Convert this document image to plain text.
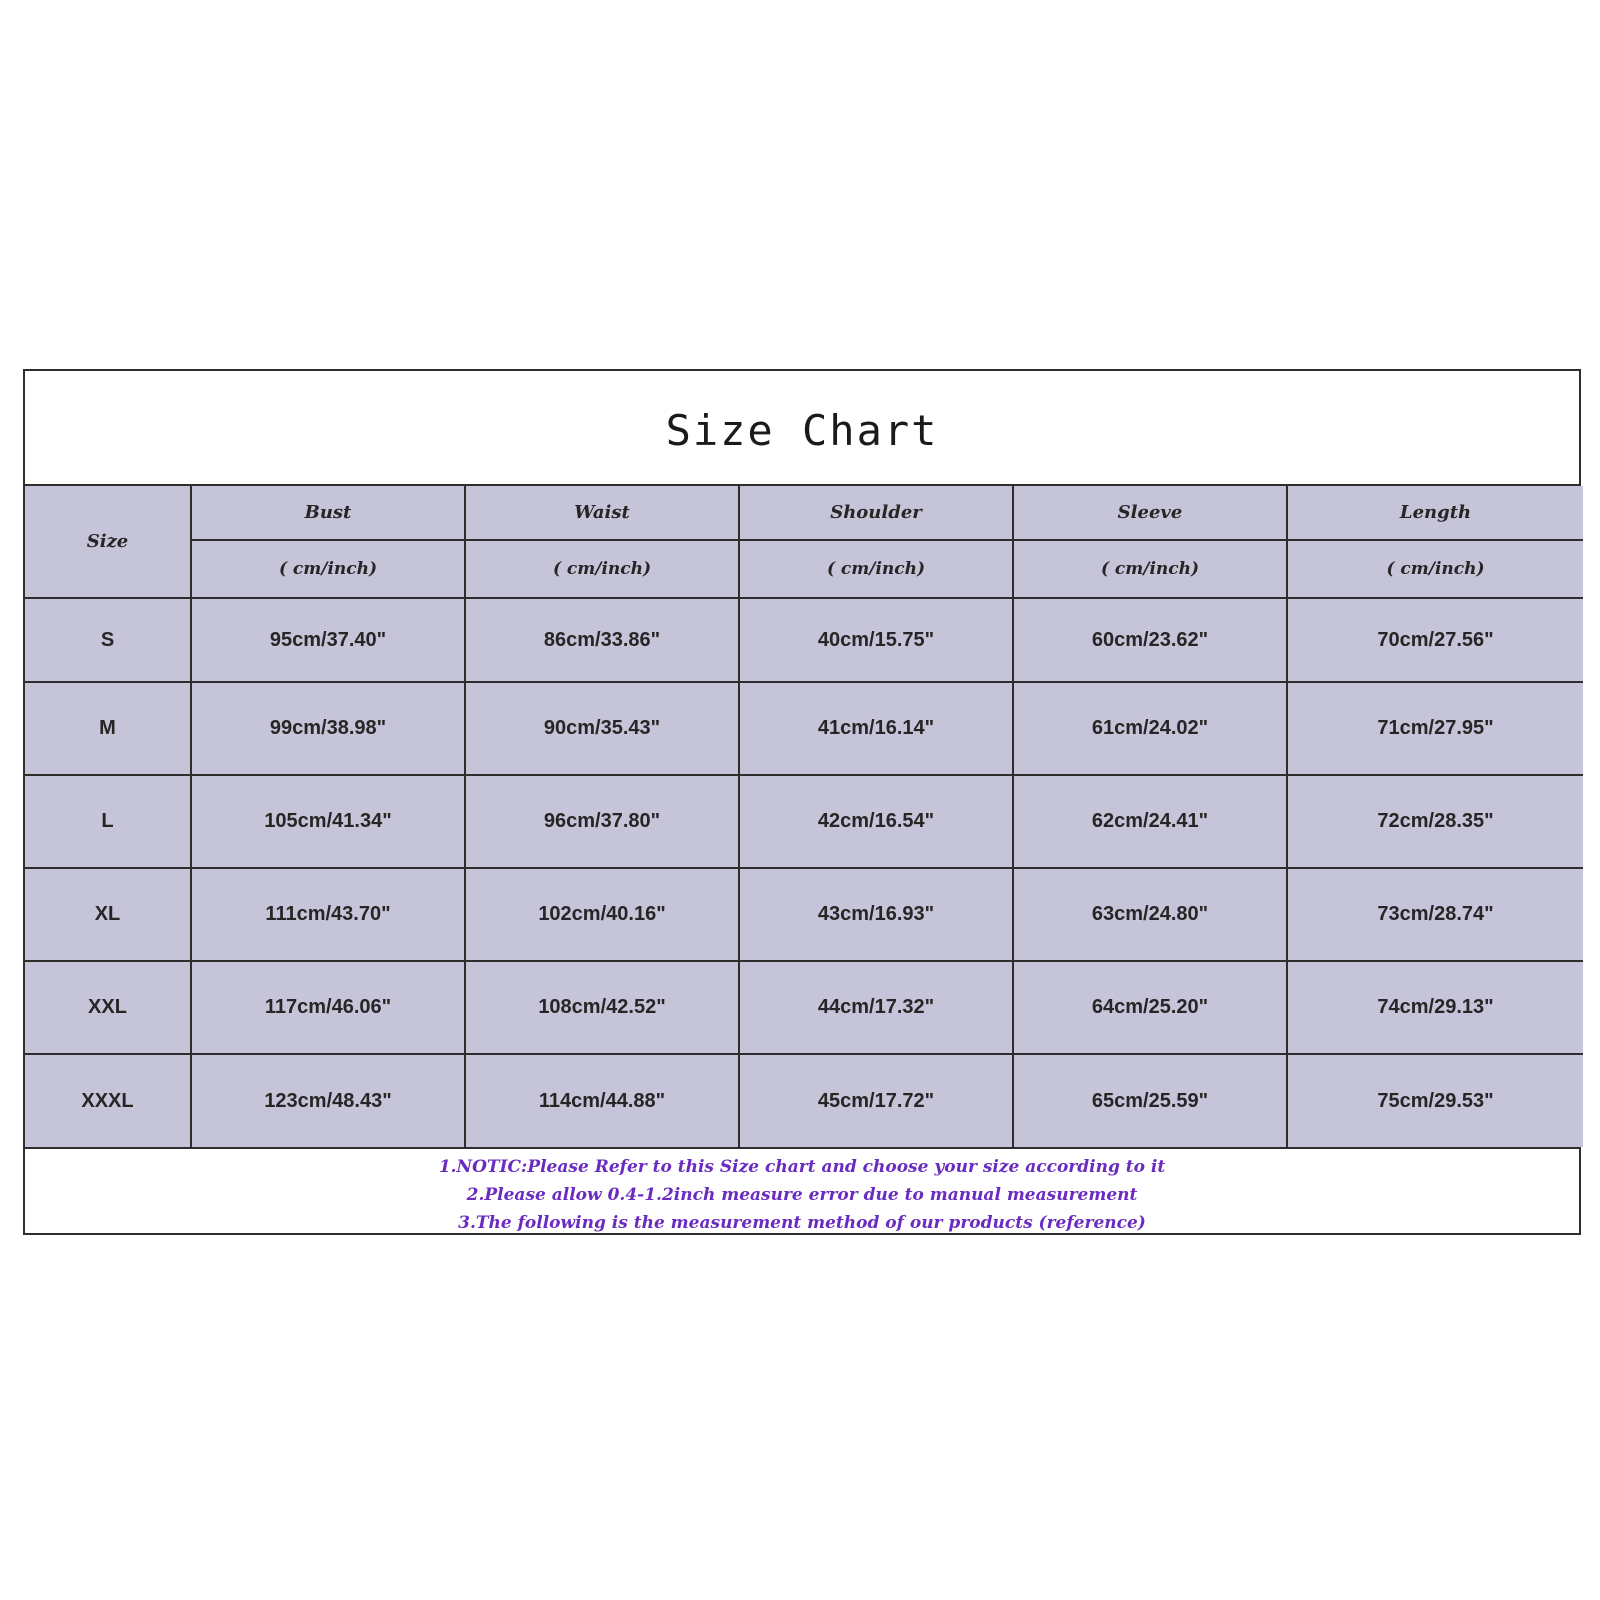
Size Chart
Size	Bust	Waist	Shoulder	Sleeve	Length
	( cm/inch)	( cm/inch)	( cm/inch)	( cm/inch)	( cm/inch)
S	95cm/37.40"	86cm/33.86"	40cm/15.75"	60cm/23.62"	70cm/27.56"
M	99cm/38.98"	90cm/35.43"	41cm/16.14"	61cm/24.02"	71cm/27.95"
L	105cm/41.34"	96cm/37.80"	42cm/16.54"	62cm/24.41"	72cm/28.35"
XL	111cm/43.70"	102cm/40.16"	43cm/16.93"	63cm/24.80"	73cm/28.74"
XXL	117cm/46.06"	108cm/42.52"	44cm/17.32"	64cm/25.20"	74cm/29.13"
XXXL	123cm/48.43"	114cm/44.88"	45cm/17.72"	65cm/25.59"	75cm/29.53"
1.NOTIC:Please Refer to this Size chart and choose your size according to it
2.Please allow 0.4-1.2inch measure error due to manual measurement
3.The following is the measurement method of our products (reference)
